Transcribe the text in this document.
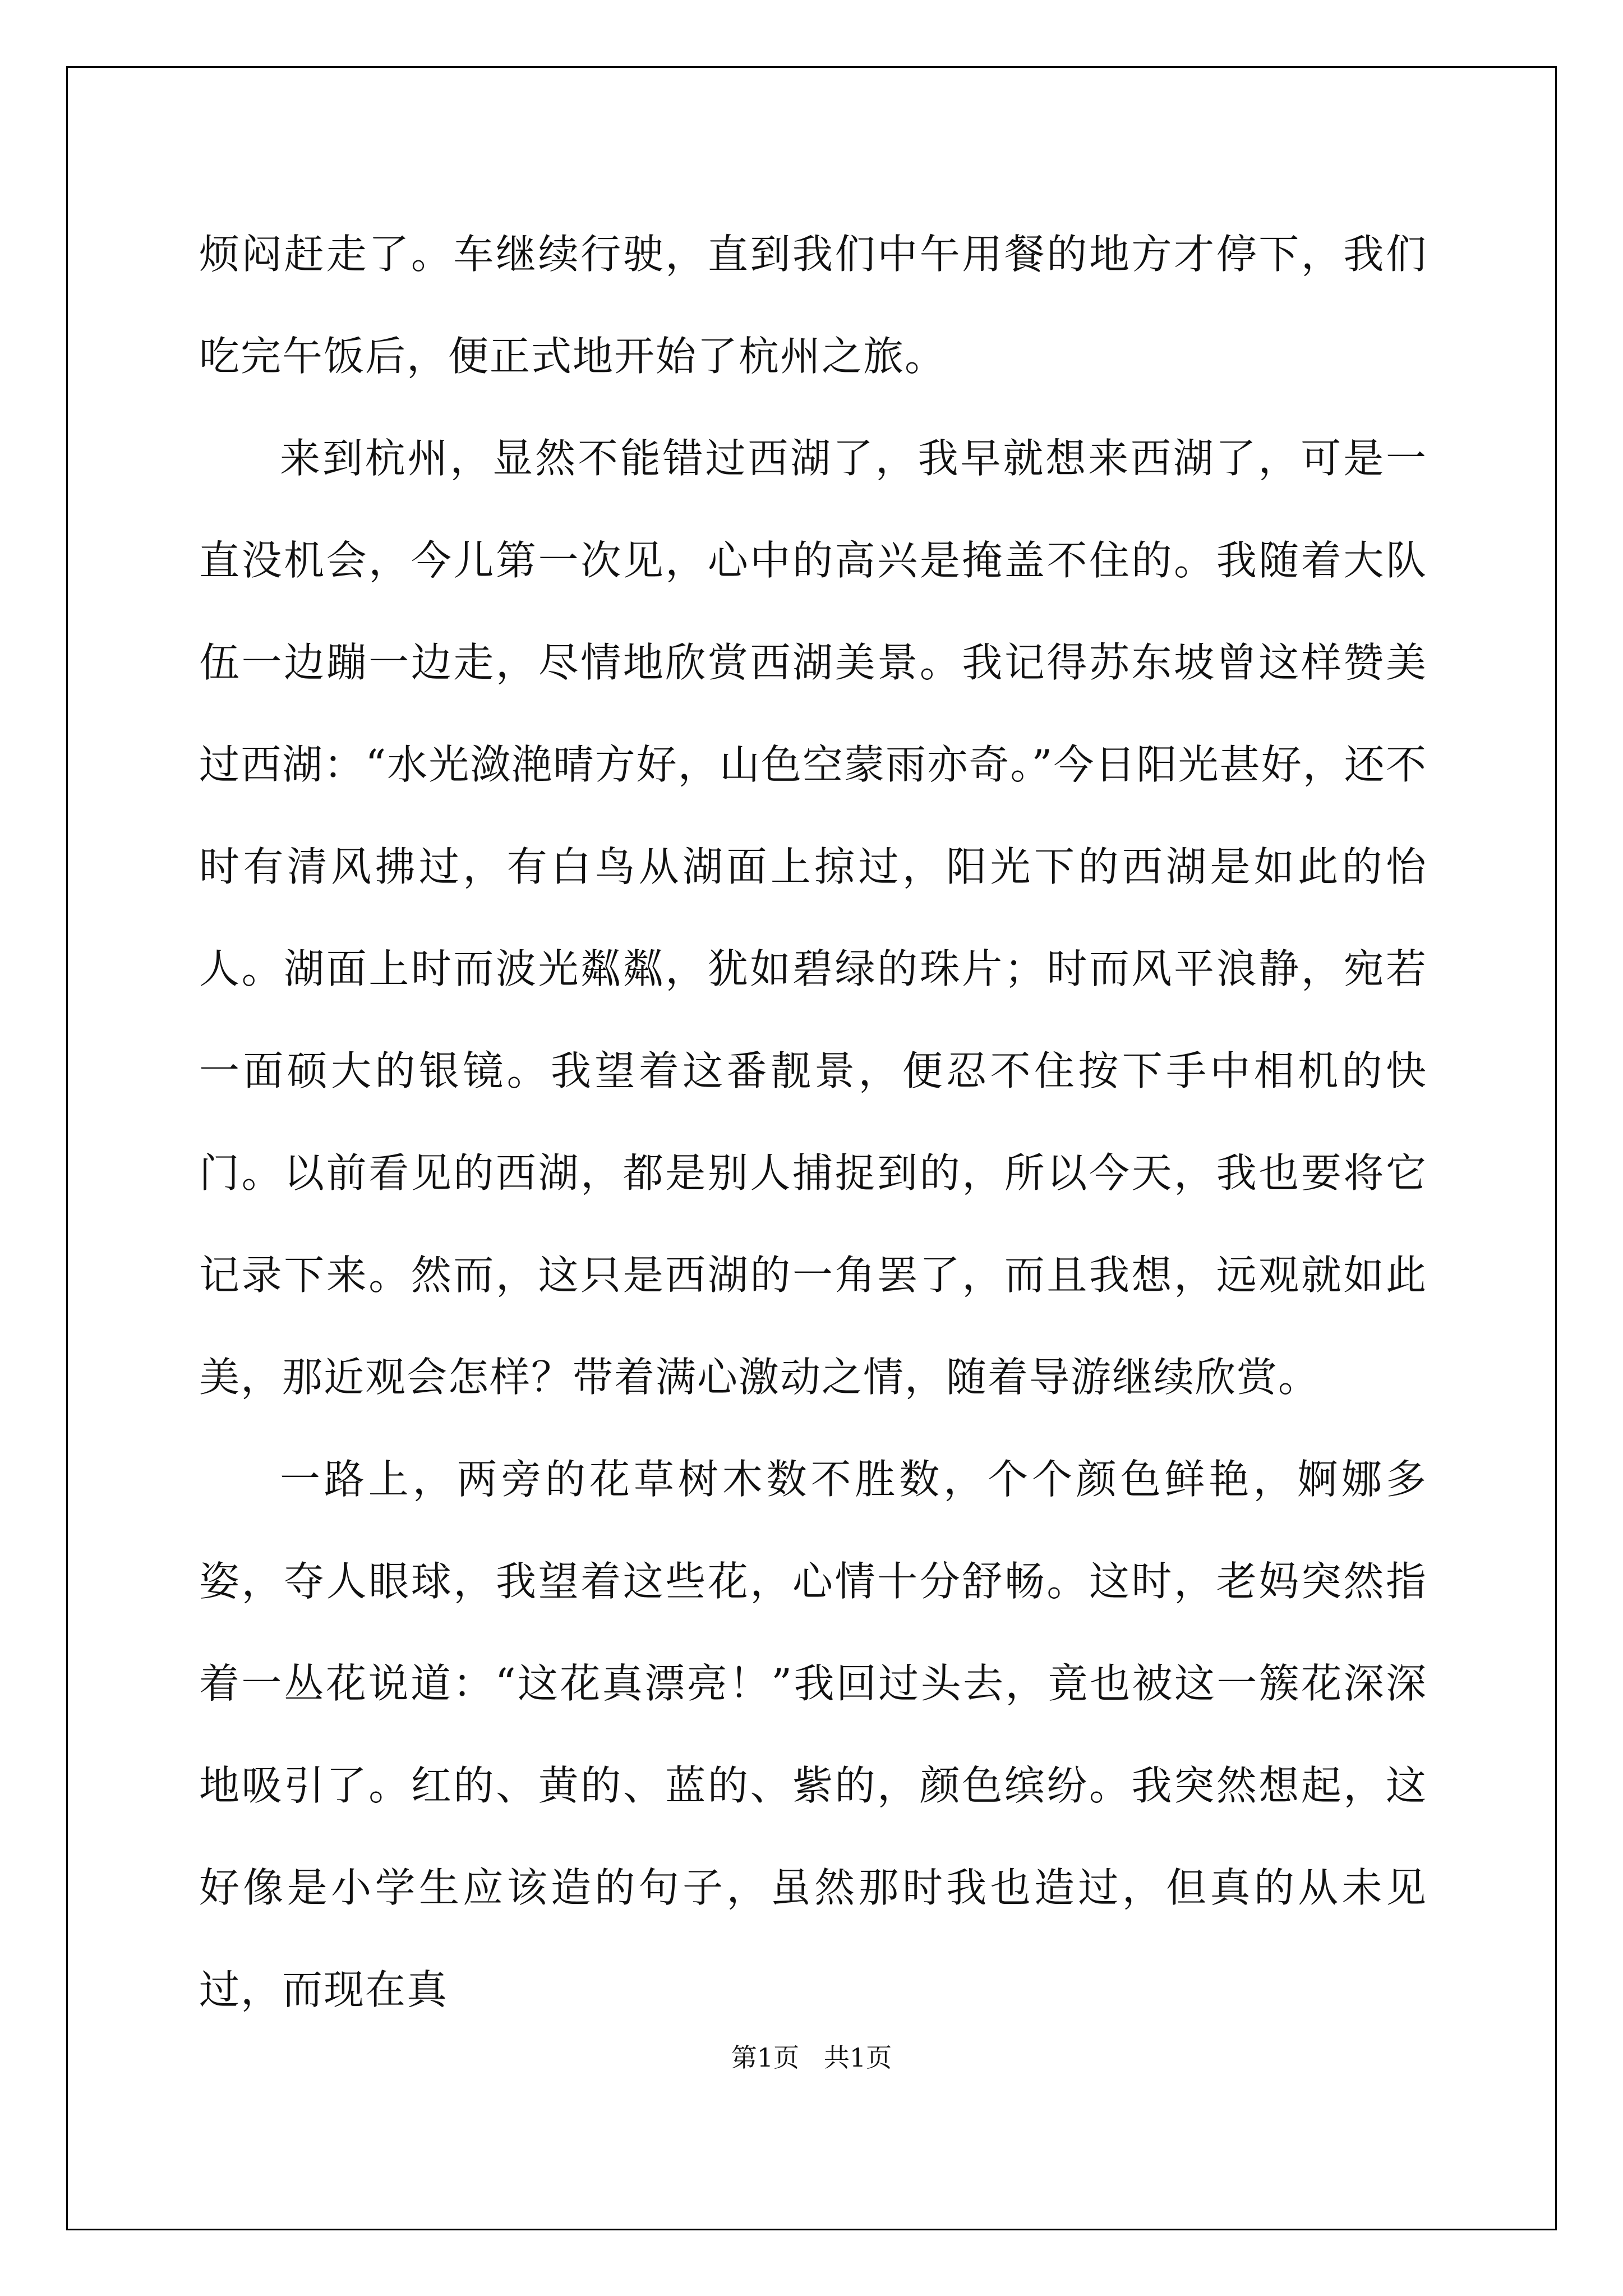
烦闷赶走了。车继续行驶，直到我们中午用餐的地方才停下，我们吃完午饭后，便正式地开始了杭州之旅。

来到杭州，显然不能错过西湖了，我早就想来西湖了，可是一直没机会，今儿第一次见，心中的高兴是掩盖不住的。我随着大队伍一边蹦一边走，尽情地欣赏西湖美景。我记得苏东坡曾这样赞美过西湖：“水光潋滟晴方好，山色空蒙雨亦奇。”今日阳光甚好，还不时有清风拂过，有白鸟从湖面上掠过，阳光下的西湖是如此的怡人。湖面上时而波光粼粼，犹如碧绿的珠片；时而风平浪静，宛若一面硕大的银镜。我望着这番靓景，便忍不住按下手中相机的快门。以前看见的西湖，都是别人捕捉到的，所以今天，我也要将它记录下来。然而，这只是西湖的一角罢了，而且我想，远观就如此美，那近观会怎样？带着满心激动之情，随着导游继续欣赏。

一路上，两旁的花草树木数不胜数，个个颜色鲜艳，婀娜多姿，夺人眼球，我望着这些花，心情十分舒畅。这时，老妈突然指着一丛花说道：“这花真漂亮！”我回过头去，竟也被这一簇花深深地吸引了。红的、黄的、蓝的、紫的，颜色缤纷。我突然想起，这好像是小学生应该造的句子，虽然那时我也造过，但真的从未见过，而现在真

第1页   共1页
